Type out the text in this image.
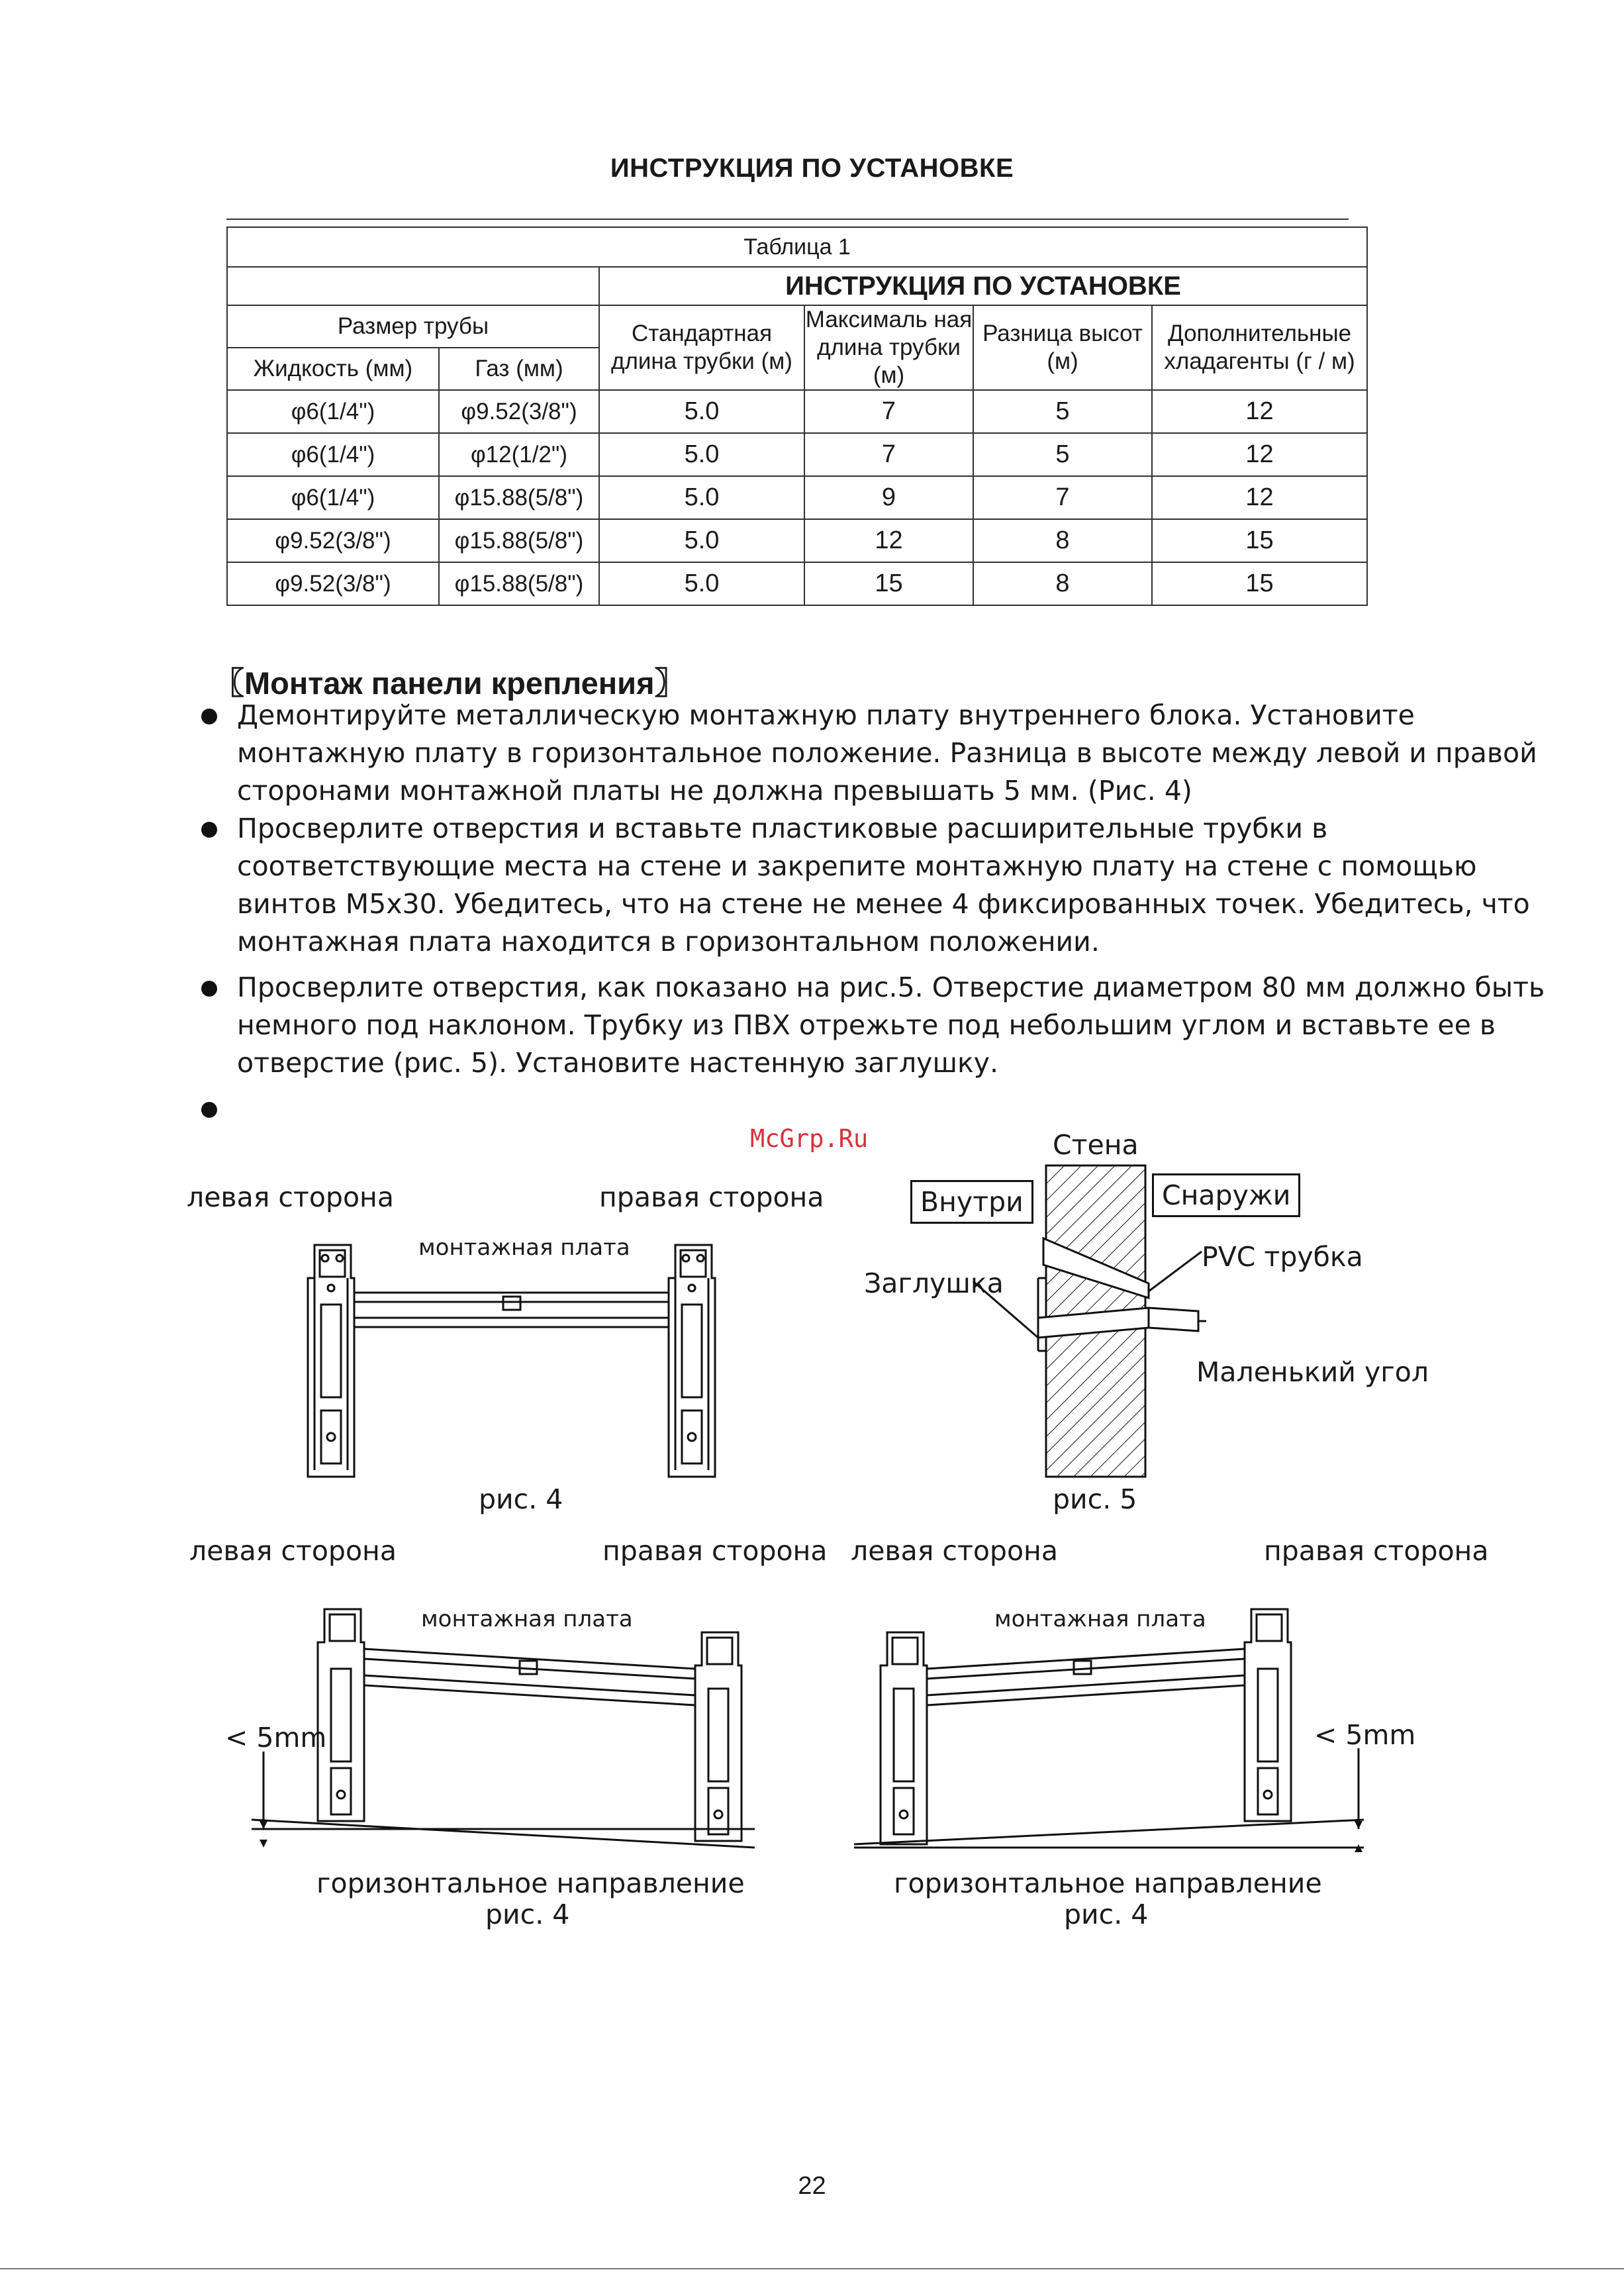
ИНСТРУКЦИЯ ПО УСТАНОВКЕ
Таблица 1					
		ИНСТРУКЦИЯ ПО УСТАНОВКЕ			
Размер трубы		Стандартная длина трубки (м)	Максималь ная длина трубки (м)	Разница высот (м)	Дополнительные хладагенты (г / м)
Жидкость (мм)	Газ (мм)				
φ6(1/4")	φ9.52(3/8")	5.0	7	5	12
φ6(1/4")	φ12(1/2")	5.0	7	5	12
φ6(1/4")	φ15.88(5/8")	5.0	9	7	12
φ9.52(3/8")	φ15.88(5/8")	5.0	12	8	15
φ9.52(3/8")	φ15.88(5/8")	5.0	15	8	15
〖Монтаж панели крепления〗

Демонтируйте металлическую монтажную плату внутреннего блока. Установите монтажную плату в горизонтальное положение. Разница в высоте между левой и правой сторонами монтажной платы не должна превышать 5 мм. (Рис. 4)

Просверлите отверстия и вставьте пластиковые расширительные трубки в соответствующие места на стене и закрепите монтажную плату на стене с помощью винтов M5x30. Убедитесь, что на стене не менее 4 фиксированных точек. Убедитесь, что монтажная плата находится в горизонтальном положении.

Просверлите отверстия, как показано на рис.5. Отверстие диаметром 80 мм должно быть немного под наклоном. Трубку из ПВХ отрежьте под небольшим углом и вставьте ее в отверстие (рис. 5). Установите настенную заглушку.

McGrp.Ru
левая сторона	правая сторона
монтажная плата
рис. 4
Стена
Внутри	Снаружи
PVC трубка
Заглушка
Маленький угол
рис. 5
левая сторона	правая сторона
монтажная плата
< 5mm
горизонтальное направление
рис. 4
левая сторона	правая сторона
монтажная плата
< 5mm
горизонтальное направление
рис. 4
22
